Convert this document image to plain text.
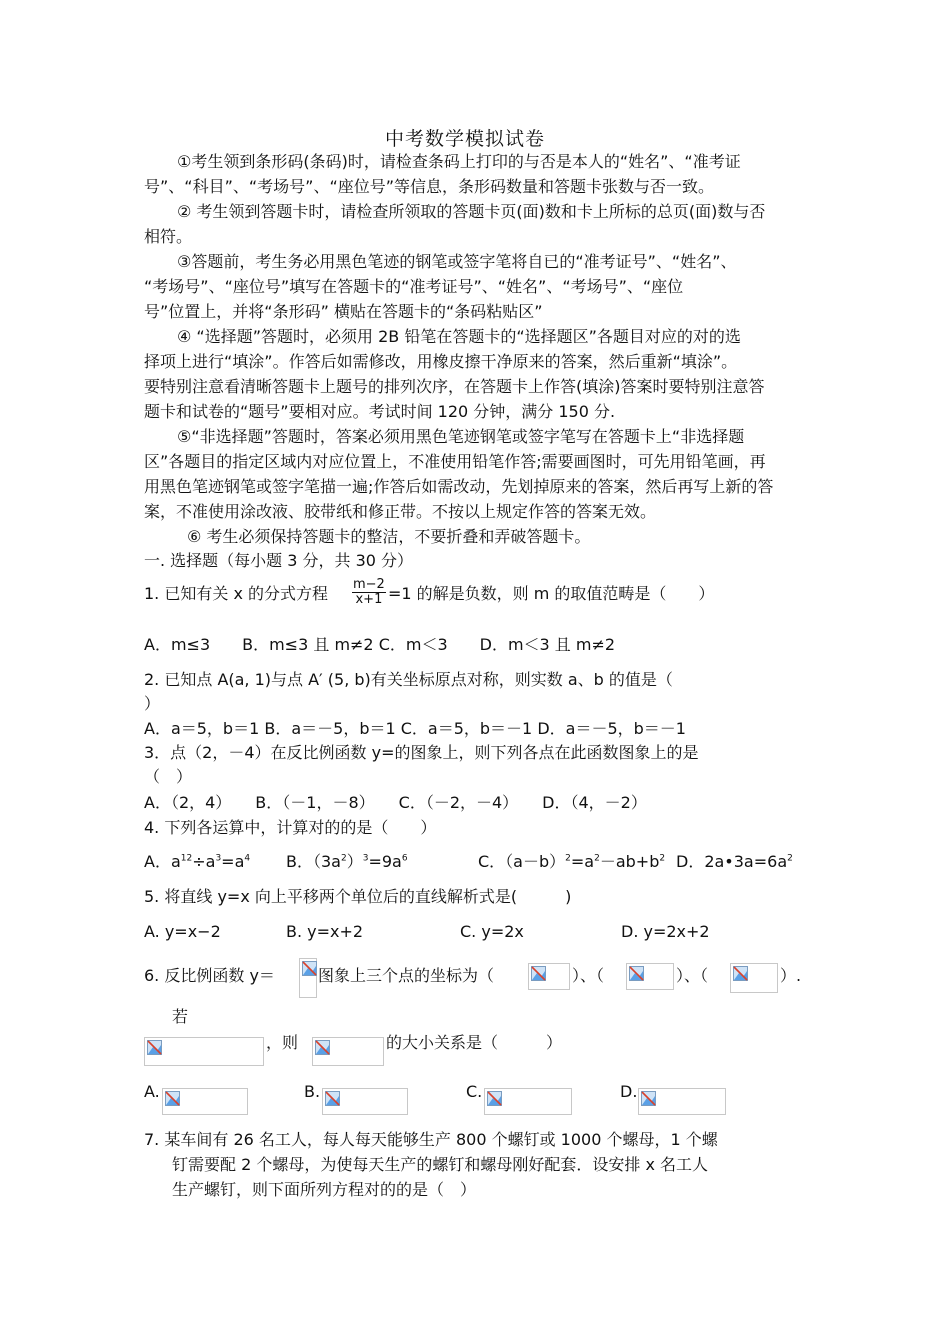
中考数学模拟试卷
①考生领到条形码(条码)时，请检查条码上打印的与否是本人的“姓名”、“准考证
号”、“科目”、“考场号”、“座位号”等信息，条形码数量和答题卡张数与否一致。
② 考生领到答题卡时，请检查所领取的答题卡页(面)数和卡上所标的总页(面)数与否
相符。
③答题前，考生务必用黑色笔迹的钢笔或签字笔将自已的“准考证号”、“姓名”、
“考场号”、“座位号”填写在答题卡的“准考证号”、“姓名”、“考场号”、“座位
号”位置上，并将“条形码” 横贴在答题卡的“条码粘贴区”
④ “选择题”答题时，必须用 2B 铅笔在答题卡的“选择题区”各题目对应的对的选
择项上进行“填涂”。作答后如需修改，用橡皮擦干净原来的答案，然后重新“填涂”。
要特别注意看清晰答题卡上题号的排列次序，在答题卡上作答(填涂)答案时要特别注意答
题卡和试卷的“题号”要相对应。考试时间 120 分钟，满分 150 分.
⑤“非选择题”答题时，答案必须用黑色笔迹钢笔或签字笔写在答题卡上“非选择题
区”各题目的指定区域内对应位置上，不准使用铅笔作答;需要画图时，可先用铅笔画，再
用黑色笔迹钢笔或签字笔描一遍;作答后如需改动，先划掉原来的答案，然后再写上新的答
案，不准使用涂改液、胶带纸和修正带。不按以上规定作答的答案无效。
⑥ 考生必须保持答题卡的整洁，不要折叠和弄破答题卡。
一. 选择题（每小题 3 分，共 30 分）
1. 已知有关 x 的分式方程 $\frac{m-2}{x+1} =1$ 的解是负数，则 m 的取值范畴是（　　）
A．m≤3　　B．m≤3 且 m≠2 C．m＜3　　D．m＜3 且 m≠2
2. 已知点 A(a, 1)与点 A′ (5, b)有关坐标原点对称，则实数 a、b 的值是（
）
A．a＝5，b＝1 B．a＝－5，b＝1 C．a＝5，b＝－1 D．a＝－5，b＝－1
3．点（2，－4）在反比例函数 y=的图象上，则下列各点在此函数图象上的是
（　）
A．（2，4）　　B．（－1，－8）　　C．（－2，－4）　　D．（4，－2）
4. 下列各运算中，计算对的的是（　　）
A．$a^{12}\div a^3=a^4$ B．$(3a^2)^3=9a^6$	C．$(a-b)^2=a^2-ab+b^2$ D．$2a•3a=6a^2$
5. 将直线 y=x 向上平移两个单位后的直线解析式是(　　　)
A. y=x−2	B. y=x+2	C. y=2x	D. y=2x+2
6. 反比例函数 y＝	图象上三个点的坐标为（	）、（	）、（	）.
若
，则	的大小关系是（　　　）
A.	B.	C.	D.
7. 某车间有 26 名工人，每人每天能够生产 800 个螺钉或 1000 个螺母，1 个螺
钉需要配 2 个螺母，为使每天生产的螺钉和螺母刚好配套．设安排 x 名工人
生产螺钉，则下面所列方程对的的是（　）
